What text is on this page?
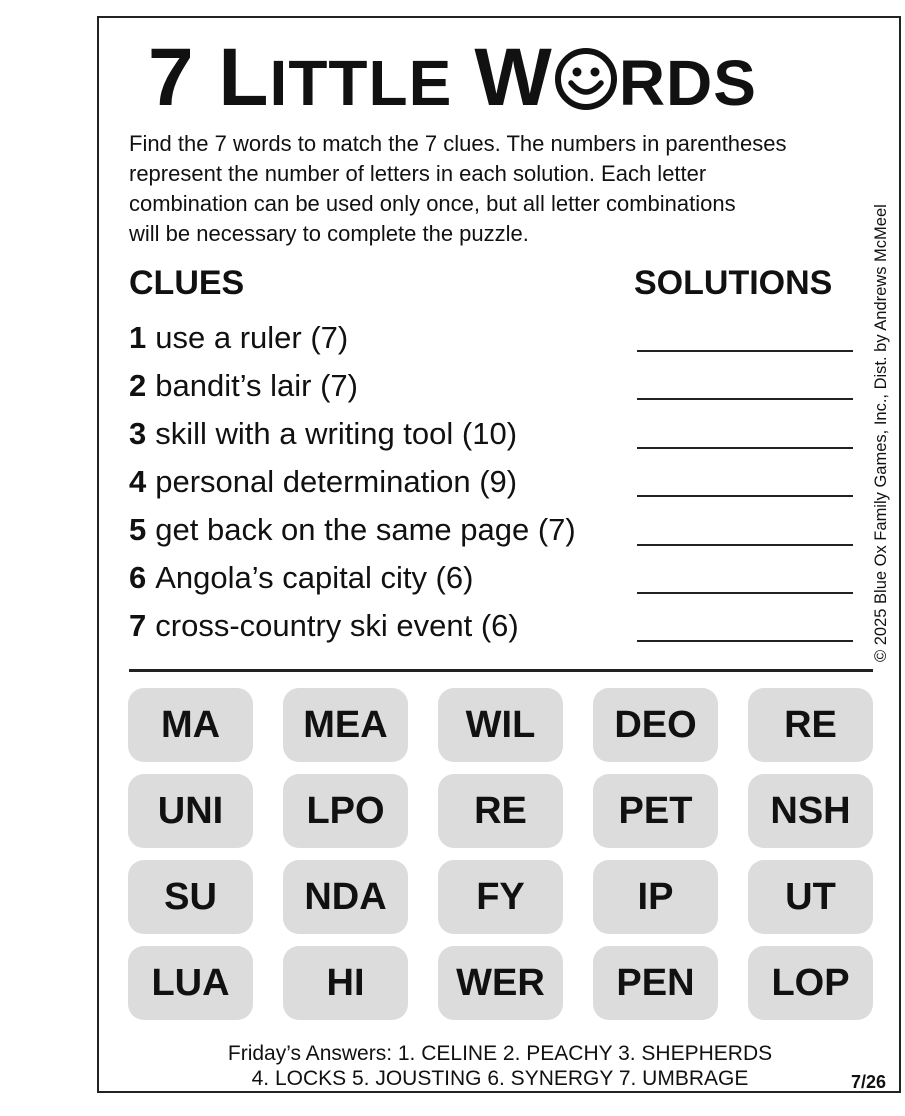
7 LITTLE W RDS
Find the 7 words to match the 7 clues. The numbers in parentheses
represent the number of letters in each solution. Each letter
combination can be used only once, but all letter combinations
will be necessary to complete the puzzle.	© 2025 Blue Ox Family Games, Inc., Dist. by Andrews McMeel
CLUES	SOLUTIONS
1 use a ruler (7)
2 bandit’s lair (7)
3 skill with a writing tool (10)
4 personal determination (9)
5 get back on the same page (7)
6 Angola’s capital city (6)
7 cross-country ski event (6)
MA	MEA	WIL	DEO	RE
UNI	LPO	RE	PET	NSH
SU	NDA	FY	IP	UT
LUA	HI	WER	PEN	LOP
Friday’s Answers: 1. CELINE 2. PEACHY 3. SHEPHERDS
4. LOCKS 5. JOUSTING 6. SYNERGY 7. UMBRAGE	7/26
